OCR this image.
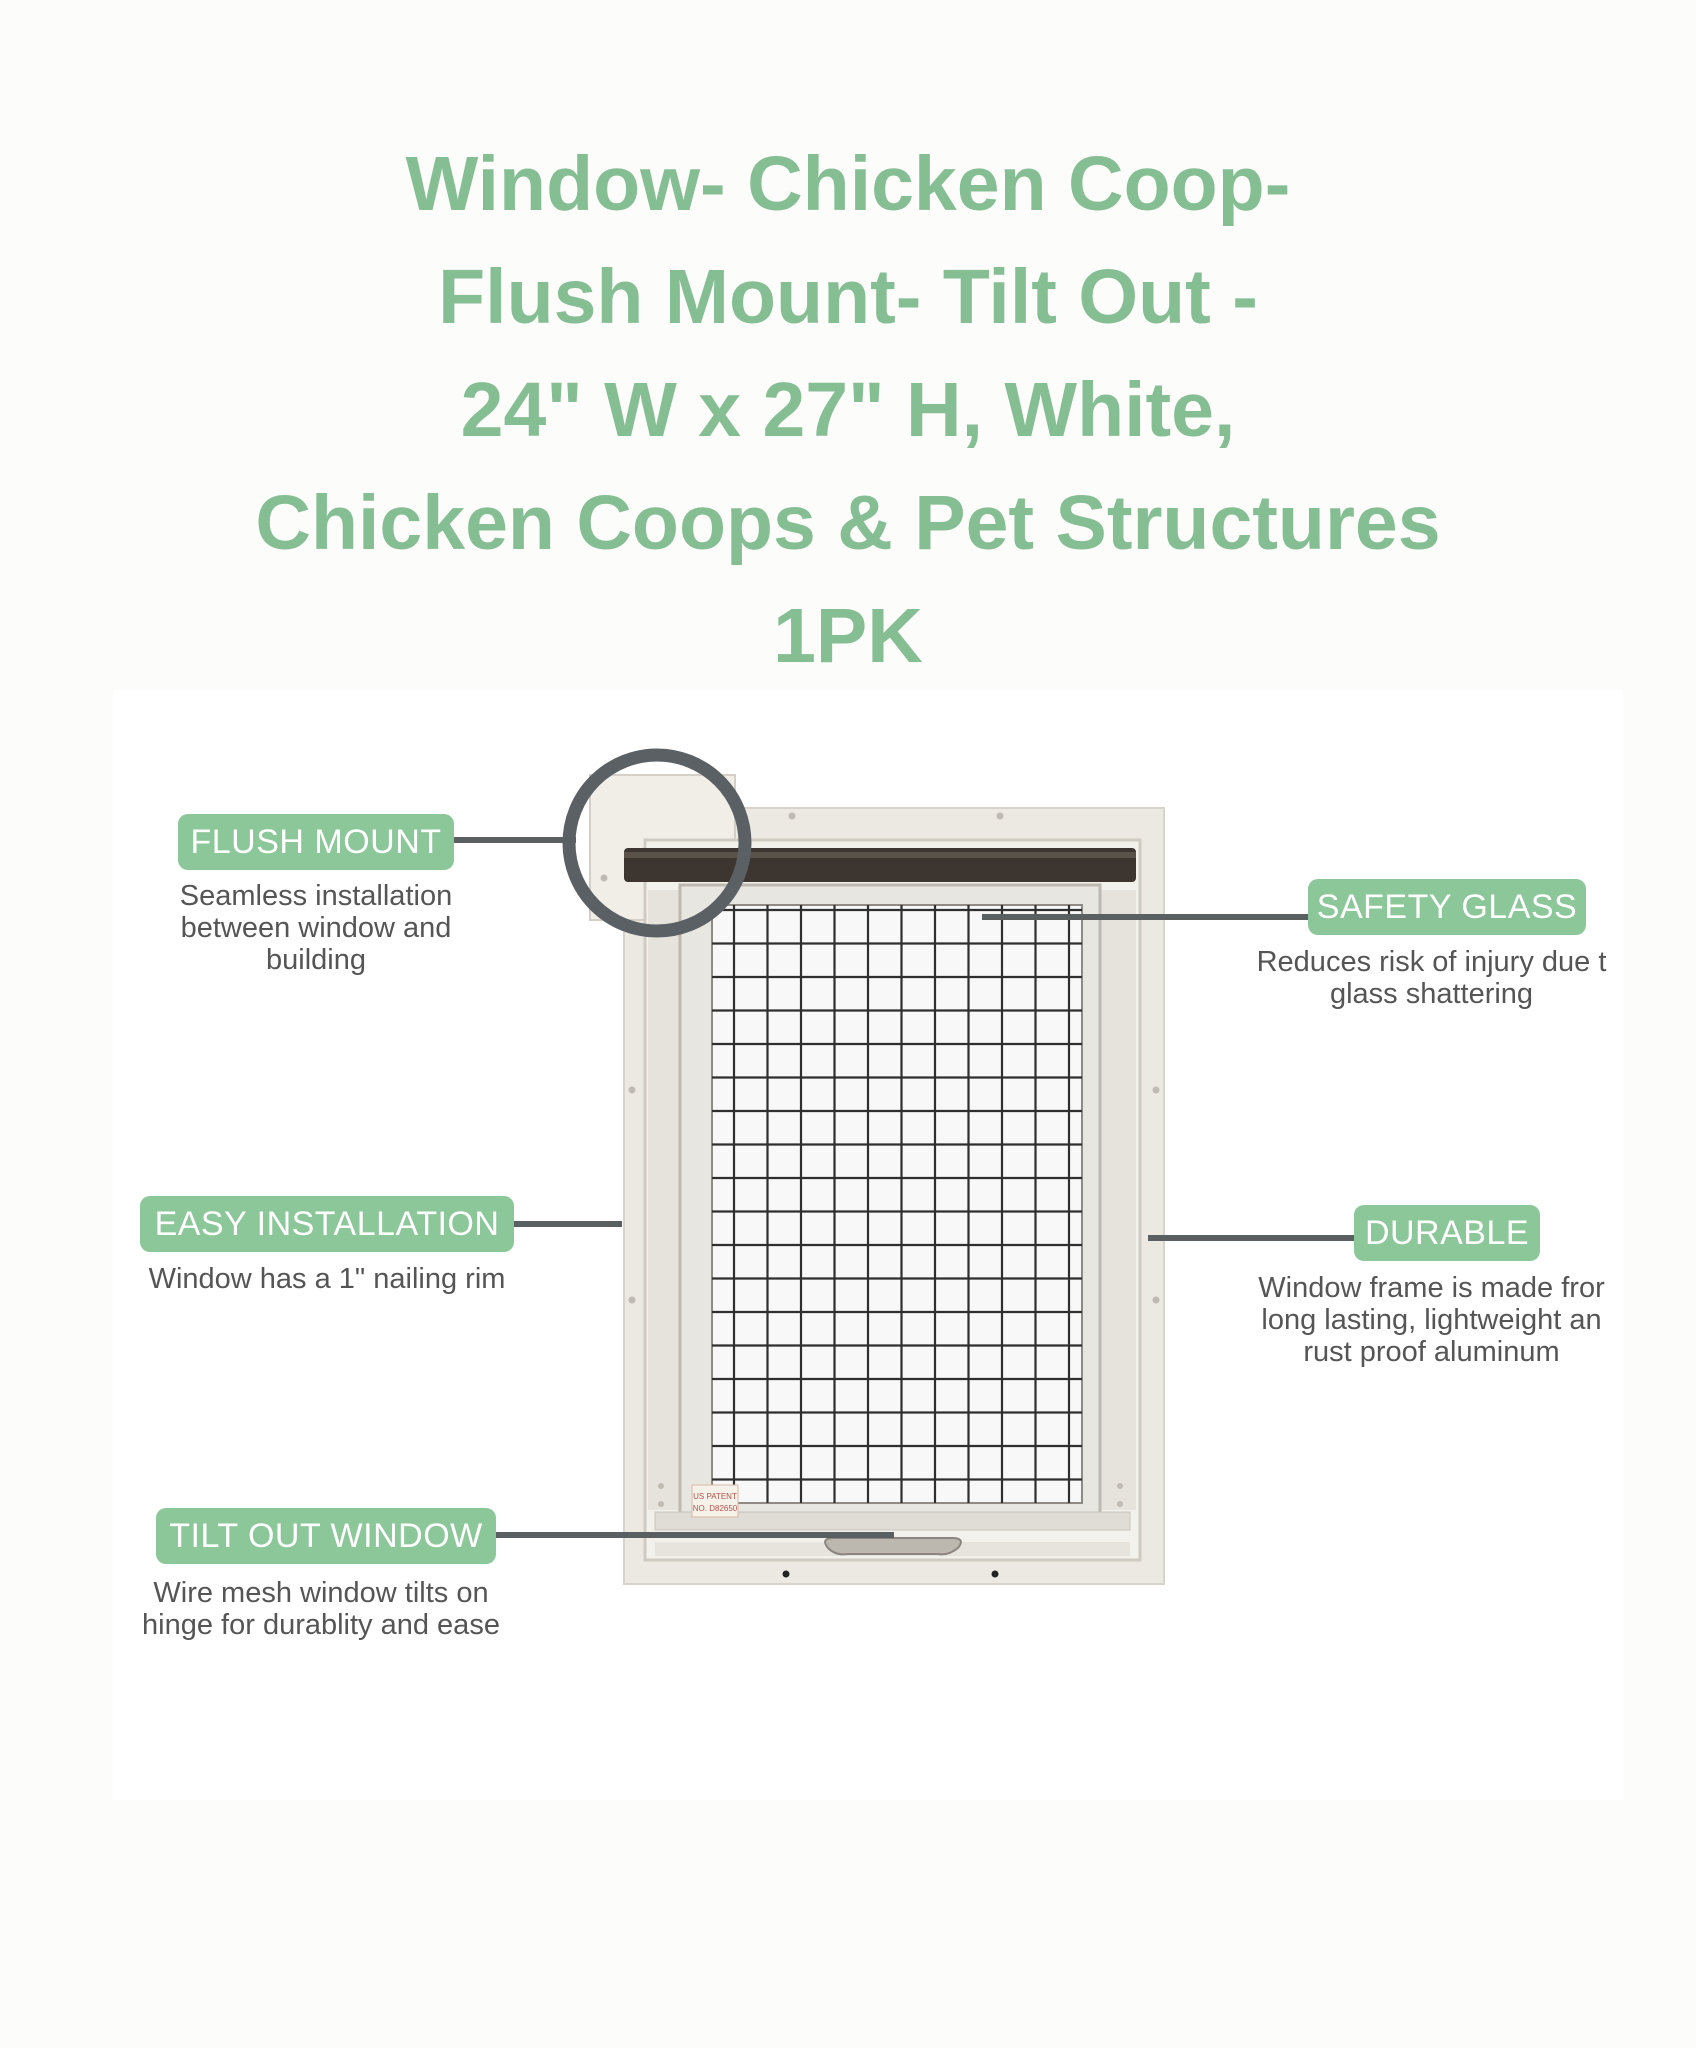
Window- Chicken Coop-
Flush Mount- Tilt Out -
24" W x 27" H, White,
Chicken Coops & Pet Structures
1PK
US PATENT
NO. D82650
FLUSH MOUNT
Seamless installation
between window and
building
SAFETY GLASS
Reduces risk of injury due t
glass shattering
EASY INSTALLATION
Window has a 1" nailing rim
DURABLE
Window frame is made fror
long lasting, lightweight an
rust proof aluminum
TILT OUT WINDOW
Wire mesh window tilts on
hinge for durablity and ease
